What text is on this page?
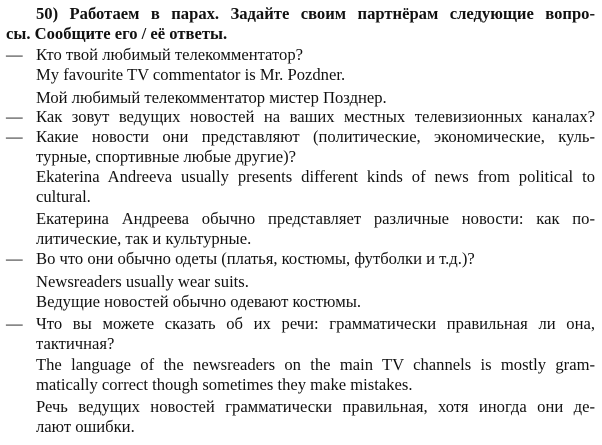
50) Работаем в парах. Задайте своим партнёрам следующие вопро-
сы. Сообщите его / её ответы.
— Кто твой любимый телекомментатор?
My favourite TV commentator is Mr. Pozdner.
Мой любимый телекомментатор мистер Позднер.
— Как зовут ведущих новостей на ваших местных телевизионных каналах?
— Какие новости они представляют (политические, экономические, куль-
турные, спортивные любые другие)?
Ekaterina Andreeva usually presents different kinds of news from political to
cultural.
Екатерина Андреева обычно представляет различные новости: как по-
литические, так и культурные.
— Во что они обычно одеты (платья, костюмы, футболки и т.д.)?
Newsreaders usually wear suits.
Ведущие новостей обычно одевают костюмы.
— Что вы можете сказать об их речи: грамматически правильная ли она,
тактичная?
The language of the newsreaders on the main TV channels is mostly gram-
matically correct though sometimes they make mistakes.
Речь ведущих новостей грамматически правильная, хотя иногда они де-
лают ошибки.
